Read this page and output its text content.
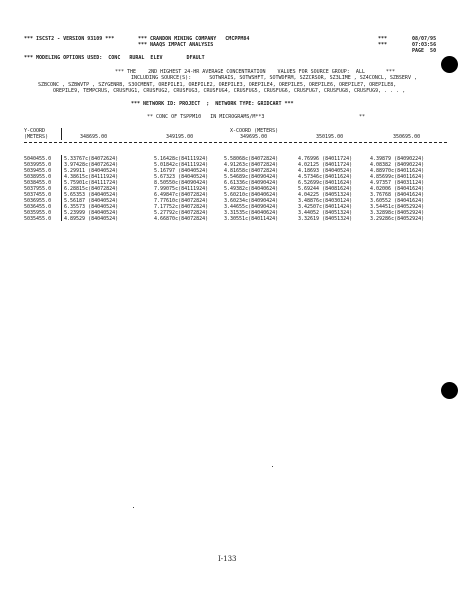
*** ISCST2 - VERSION 93109 ***	*** CRANDON MINING COMPANY   CMCPPM84
*** NAAQS IMPACT ANALYSIS
***
***
08/07/95
07:03:56
PAGE  50
*** MODELING OPTIONS USED:  CONC   RURAL  ELEV        DFAULT
*** THE    2ND HIGHEST 24-HR AVERAGE CONCENTRATION    VALUES FOR SOURCE GROUP:  ALL       ***
INCLUDING SOURCE(S):      SOTWRAIS, SOTWSHFT, SOTWDFRM, SZZCRSOR, SZ3LIME , SZ4CONCL, SZBSERV ,
SZBCONC , SZBWVTP , SZYGENRB, S3OCMENT, OREPILE1, OREPILE2, OREPILE3, OREPILE4, OREPILE5, OREPILE6, OREPILE7, OREPILE8,
OREPILE9, TEMPCRUS, CRUSFUG1, CRUSFUG2, CRUSFUG3, CRUSFUG4, CRUSFUG5, CRUSFUG6, CRUSFUG7, CRUSFUG8, CRUSFUG9, . . . ,
*** NETWORK ID: PROJECT  ;  NETWORK TYPE: GRIDCART ***
** CONC OF TSPPM10   IN MICROGRAMS/M**3	**
Y-COORD
(METERS)
X-COORD (METERS)
348695.00	349195.00	349695.00	350195.00	350695.00
5040455.0	5.33767c(84072624)	5.16428c(84111924)	5.58068c(84072824)	4.76996 (84011724)	4.39879 (84090224)
5039955.0	3.97428c(84072624)	5.01842c(84111924)	4.91263c(84072824)	4.02125 (84011724)	4.08382 (84090224)
5039455.0	5.29911 (84040524)	5.16797 (84040524)	4.81658c(84072824)	4.18693 (84040524)	4.88970c(84011624)
5038955.0	4.38615c(84111924)	5.67323 (84040524)	5.54689c(84090424)	4.57346c(84011624)	4.85699c(84011624)
5038455.0	5.75901c(84111724)	8.50550c(84090424)	6.61336c(84090424)	6.52699c(84011624)	4.97357 (84031124)
5037955.0	6.28815c(84072824)	7.99075c(84111924)	5.49382c(84040624)	5.69244 (84081624)	4.02006 (84041624)
5037455.0	5.65353 (84040524)	6.49847c(84072824)	5.60210c(84040624)	4.04225 (84051324)	3.76768 (84041624)
5036955.0	5.56187 (84040524)	7.77610c(84072824)	3.60234c(84090424)	3.48876c(84030124)	3.60552 (84041624)
5036455.0	6.35573 (84040524)	7.17752c(84072824)	3.44655c(84090424)	3.42507c(84011424)	3.54451c(84052924)
5035955.0	5.23999 (84040524)	5.27792c(84072824)	3.31535c(84040624)	3.44052 (84051324)	3.32898c(84052924)
5035455.0	4.89529 (84040524)	4.66870c(84072824)	3.30551c(84011424)	3.32619 (84051324)	3.29286c(84052924)
I-133
